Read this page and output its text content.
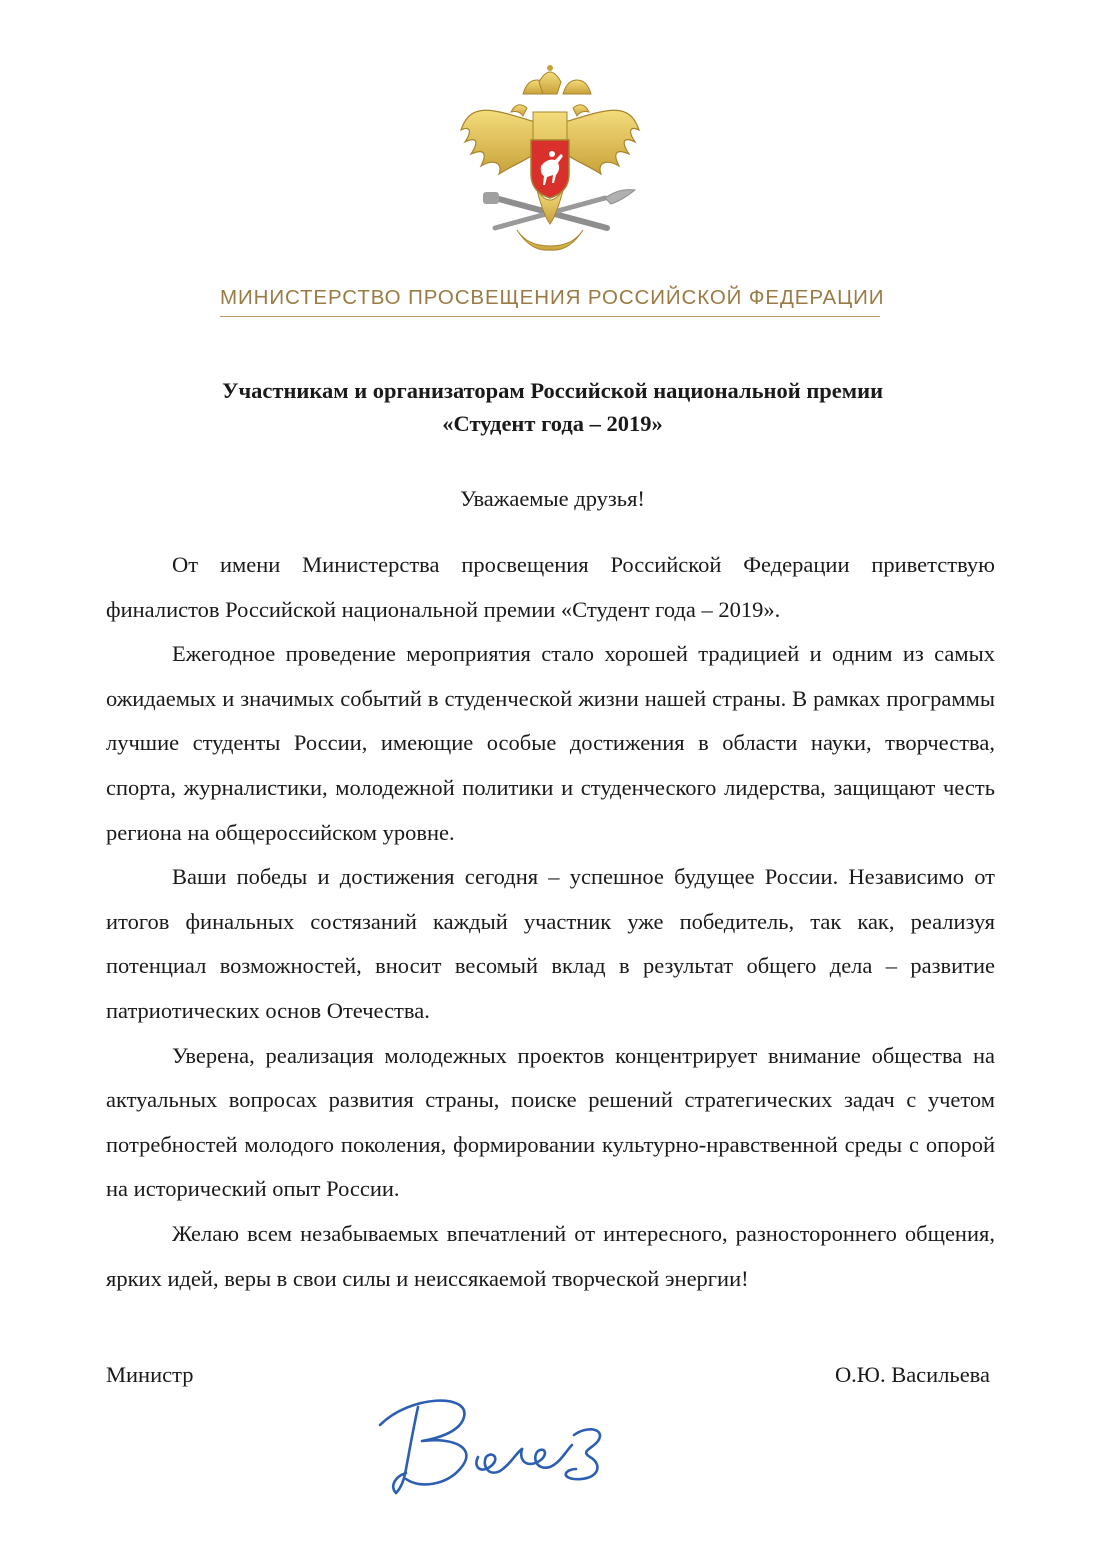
МИНИСТЕРСТВО ПРОСВЕЩЕНИЯ РОССИЙСКОЙ ФЕДЕРАЦИИ
Участникам и организаторам Российской национальной премии
«Студент года – 2019»
Уважаемые друзья!

От имени Министерства просвещения Российской Федерации приветствую финалистов Российской национальной премии «Студент года – 2019».

Ежегодное проведение мероприятия стало хорошей традицией и одним из самых ожидаемых и значимых событий в студенческой жизни нашей страны. В рамках программы лучшие студенты России, имеющие особые достижения в области науки, творчества, спорта, журналистики, молодежной политики и студенческого лидерства, защищают честь региона на общероссийском уровне.

Ваши победы и достижения сегодня – успешное будущее России. Независимо от итогов финальных состязаний каждый участник уже победитель, так как, реализуя потенциал возможностей, вносит весомый вклад в результат общего дела – развитие патриотических основ Отечества.

Уверена, реализация молодежных проектов концентрирует внимание общества на актуальных вопросах развития страны, поиске решений стратегических задач с учетом потребностей молодого поколения, формировании культурно-нравственной среды с опорой на исторический опыт России.

Желаю всем незабываемых впечатлений от интересного, разностороннего общения, ярких идей, веры в свои силы и неиссякаемой творческой энергии!

Министр	О.Ю. Васильева
